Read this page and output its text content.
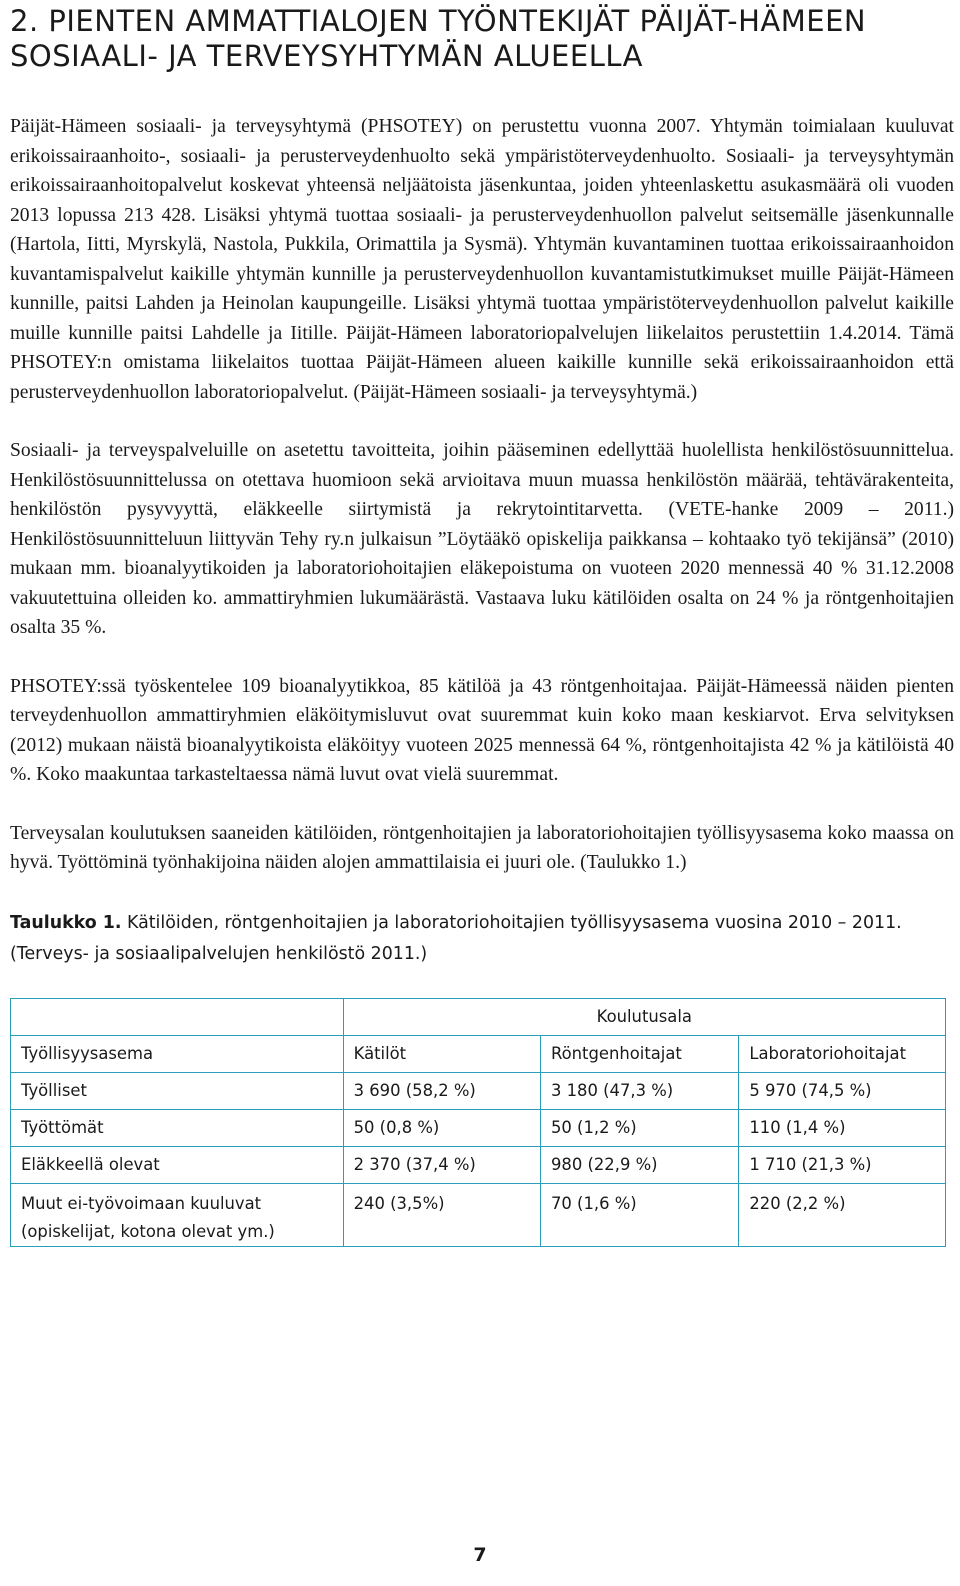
2. PIENTEN AMMATTIALOJEN TYÖNTEKIJÄT PÄIJÄT-HÄMEEN SOSIAALI- JA TERVEYSYHTYMÄN ALUEELLA

Päijät-Hämeen sosiaali- ja terveysyhtymä (PHSOTEY) on perustettu vuonna 2007. Yhtymän toimialaan kuuluvat erikoissairaanhoito-, sosiaali- ja perusterveydenhuolto sekä ympäristöterveydenhuolto. Sosiaali- ja terveysyhtymän erikoissairaanhoitopalvelut koskevat yhteensä neljäätoista jäsenkuntaa, joiden yhteenlaskettu asukasmäärä oli vuoden 2013 lopussa 213 428. Lisäksi yhtymä tuottaa sosiaali- ja perusterveydenhuollon palvelut seitsemälle jäsenkunnalle (Hartola, Iitti, Myrskylä, Nastola, Pukkila, Orimattila ja Sysmä). Yhtymän kuvantaminen tuottaa erikoissairaanhoidon kuvantamispalvelut kaikille yhtymän kunnille ja perusterveydenhuollon kuvantamistutkimukset muille Päijät-Hämeen kunnille, paitsi Lahden ja Heinolan kaupungeille. Lisäksi yhtymä tuottaa ympäristöterveydenhuollon palvelut kaikille muille kunnille paitsi Lahdelle ja Iitille. Päijät-Hämeen laboratoriopalvelujen liikelaitos perustettiin 1.4.2014. Tämä PHSOTEY:n omistama liikelaitos tuottaa Päijät-Hämeen alueen kaikille kunnille sekä erikoissairaanhoidon että perusterveydenhuollon laboratoriopalvelut. (Päijät-Hämeen sosiaali- ja terveysyhtymä.)

Sosiaali- ja terveyspalveluille on asetettu tavoitteita, joihin pääseminen edellyttää huolellista henkilöstösuunnittelua. Henkilöstösuunnittelussa on otettava huomioon sekä arvioitava muun muassa henkilöstön määrää, tehtävärakenteita, henkilöstön pysyvyyttä, eläkkeelle siirtymistä ja rekrytointitarvetta. (VETE-hanke 2009 – 2011.) Henkilöstösuunnitteluun liittyvän Tehy ry.n julkaisun ”Löytääkö opiskelija paikkansa – kohtaako työ tekijänsä” (2010) mukaan mm. bioanalyytikoiden ja laboratoriohoitajien eläkepoistuma on vuoteen 2020 mennessä 40 % 31.12.2008 vakuutettuina olleiden ko. ammattiryhmien lukumäärästä. Vastaava luku kätilöiden osalta on 24 % ja röntgenhoitajien osalta 35 %.

PHSOTEY:ssä työskentelee 109 bioanalyytikkoa, 85 kätilöä ja 43 röntgenhoitajaa. Päijät-Hämeessä näiden pienten terveydenhuollon ammattiryhmien eläköitymisluvut ovat suuremmat kuin koko maan keskiarvot. Erva selvityksen (2012) mukaan näistä bioanalyytikoista eläköityy vuoteen 2025 mennessä 64 %, röntgenhoitajista 42 % ja kätilöistä 40 %. Koko maakuntaa tarkasteltaessa nämä luvut ovat vielä suuremmat.

Terveysalan koulutuksen saaneiden kätilöiden, röntgenhoitajien ja laboratoriohoitajien työllisyysasema koko maassa on hyvä. Työttöminä työnhakijoina näiden alojen ammattilaisia ei juuri ole. (Taulukko 1.)

Taulukko 1. Kätilöiden, röntgenhoitajien ja laboratoriohoitajien työllisyysasema vuosina 2010 – 2011. (Terveys- ja sosiaalipalvelujen henkilöstö 2011.)
	Koulutusala		
Työllisyysasema	Kätilöt	Röntgenhoitajat	Laboratoriohoitajat
Työlliset	3 690 (58,2 %)	3 180 (47,3 %)	5 970 (74,5 %)
Työttömät	50 (0,8 %)	50 (1,2 %)	110 (1,4 %)
Eläkkeellä olevat	2 370 (37,4 %)	980 (22,9 %)	1 710 (21,3 %)
Muut ei-työvoimaan kuuluvat (opiskelijat, kotona olevat ym.)	240 (3,5%)	70 (1,6 %)	220 (2,2 %)
7
